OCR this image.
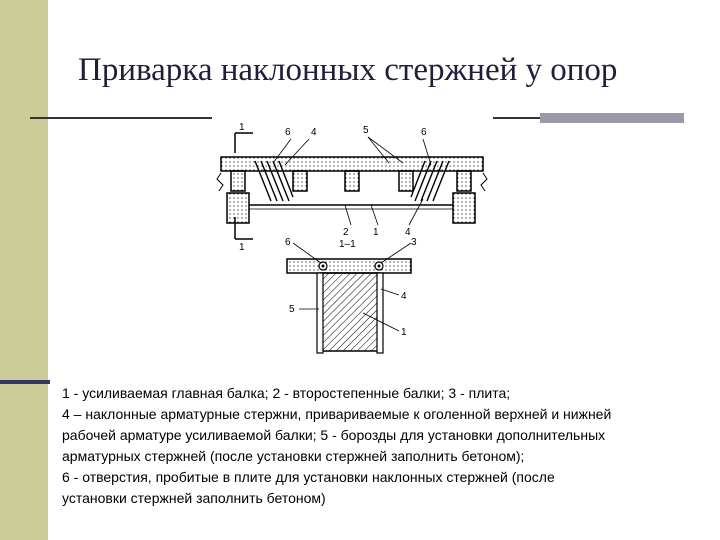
Приварка наклонных стержней у опор
1
1
6 4	5	6
2 1	4
1–1
6	3
4
5
1

1 - усиливаемая главная балка; 2 - второстепенные балки; 3 - плита;
4 – наклонные арматурные стержни, привариваемые к оголенной верхней и нижней
рабочей арматуре усиливаемой балки; 5 - борозды для установки дополнительных
арматурных стержней (после установки стержней заполнить бетоном);
6 - отверстия, пробитые в плите для установки наклонных стержней (после
установки стержней заполнить бетоном)
